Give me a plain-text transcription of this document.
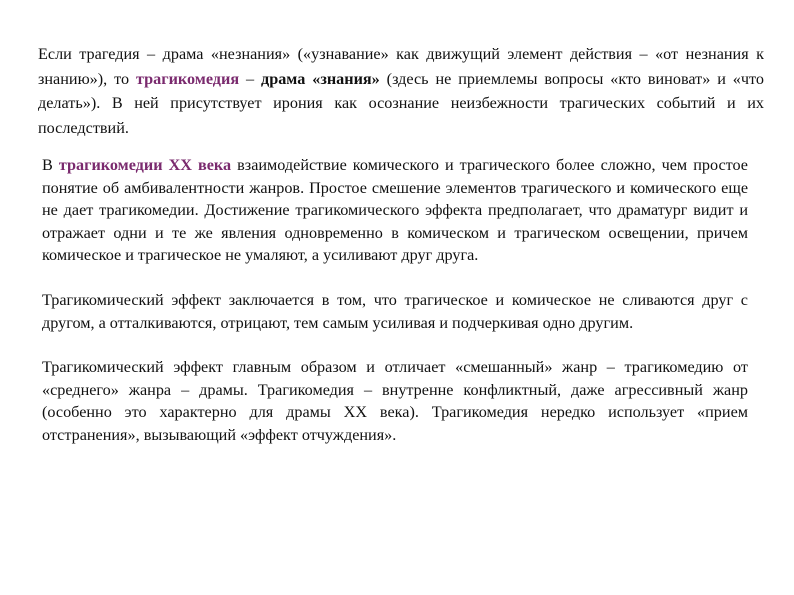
Если трагедия – драма «незнания» («узнавание» как движущий элемент действия – «от незнания к знанию»), то трагикомедия – драма «знания» (здесь не приемлемы вопросы «кто виноват» и «что делать»). В ней присутствует ирония как осознание неизбежности трагических событий и их последствий.

В трагикомедии XX века взаимодействие комического и трагического более сложно, чем простое понятие об амбивалентности жанров. Простое смешение элементов трагического и комического еще не дает трагикомедии. Достижение трагикомического эффекта предполагает, что драматург видит и отражает одни и те же явления одновременно в комическом и трагическом освещении, причем комическое и трагическое не умаляют, а усиливают друг друга.

Трагикомический эффект заключается в том, что трагическое и комическое не сливаются друг с другом, а отталкиваются, отрицают, тем самым усиливая и подчеркивая одно другим.

Трагикомический эффект главным образом и отличает «смешанный» жанр – трагикомедию от «среднего» жанра – драмы. Трагикомедия – внутренне конфликтный, даже агрессивный жанр (особенно это характерно для драмы XX века). Трагикомедия нередко использует «прием отстранения», вызывающий «эффект отчуждения».
